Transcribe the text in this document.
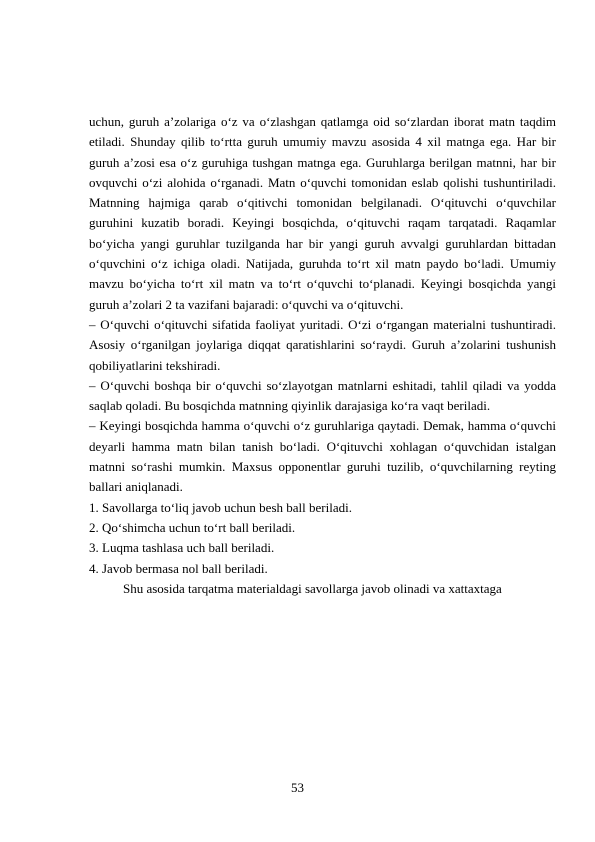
uchun, guruh a’zolariga o‘z va o‘zlashgan qatlamga oid so‘zlardan iborat matn taqdim etiladi. Shunday qilib to‘rtta guruh umumiy mavzu asosida 4 xil matnga ega. Har bir guruh a’zosi esa o‘z guruhiga tushgan matnga ega. Guruhlarga berilgan matnni, har bir ovquvchi o‘zi alohida o‘rganadi. Matn o‘quvchi tomonidan eslab qolishi tushuntiriladi. Matnning hajmiga qarab o‘qitivchi tomonidan belgilanadi. O‘qituvchi o‘quvchilar guruhini kuzatib boradi. Keyingi bosqichda, o‘qituvchi raqam tarqatadi. Raqamlar bo‘yicha yangi guruhlar tuzilganda har bir yangi guruh avvalgi guruhlardan bittadan o‘quvchini o‘z ichiga oladi. Natijada, guruhda to‘rt xil matn paydo bo‘ladi. Umumiy mavzu bo‘yicha to‘rt xil matn va to‘rt o‘quvchi to‘planadi. Keyingi bosqichda yangi guruh a’zolari 2 ta vazifani bajaradi: o‘quvchi va o‘qituvchi.

– O‘quvchi o‘qituvchi sifatida faoliyat yuritadi. O‘zi o‘rgangan materialni tushuntiradi. Asosiy o‘rganilgan joylariga diqqat qaratishlarini so‘raydi. Guruh a’zolarini tushunish qobiliyatlarini tekshiradi.

– O‘quvchi boshqa bir o‘quvchi so‘zlayotgan matnlarni eshitadi, tahlil qiladi va yodda saqlab qoladi. Bu bosqichda matnning qiyinlik darajasiga ko‘ra vaqt beriladi.

– Keyingi bosqichda hamma o‘quvchi o‘z guruhlariga qaytadi. Demak, hamma o‘quvchi deyarli hamma matn bilan tanish bo‘ladi. O‘qituvchi xohlagan o‘quvchidan istalgan matnni so‘rashi mumkin. Maxsus opponentlar guruhi tuzilib, o‘quvchilarning reyting ballari aniqlanadi.

1. Savollarga to‘liq javob uchun besh ball beriladi.

2. Qo‘shimcha uchun to‘rt ball beriladi.

3. Luqma tashlasa uch ball beriladi.

4. Javob bermasa nol ball beriladi.

Shu asosida tarqatma materialdagi savollarga javob olinadi va xattaxtaga

53
